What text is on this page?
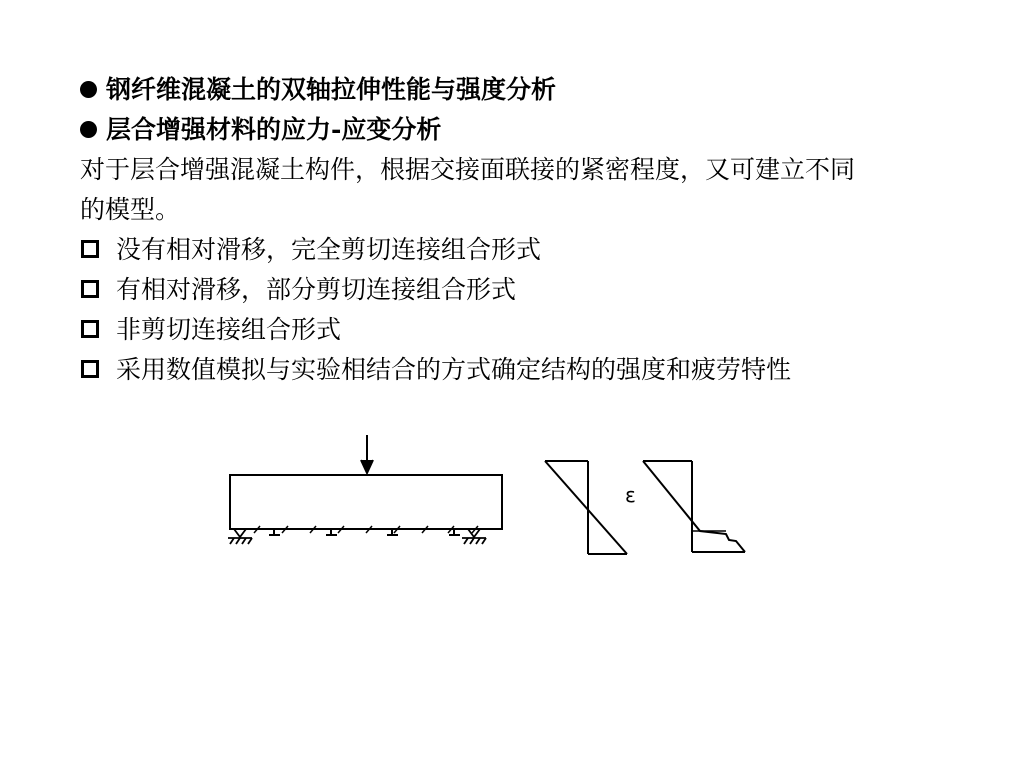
钢纤维混凝土的双轴拉伸性能与强度分析
层合增强材料的应力-应变分析
对于层合增强混凝土构件，根据交接面联接的紧密程度，又可建立不同
的模型。
没有相对滑移，完全剪切连接组合形式
有相对滑移，部分剪切连接组合形式
非剪切连接组合形式
采用数值模拟与实验相结合的方式确定结构的强度和疲劳特性
ε
